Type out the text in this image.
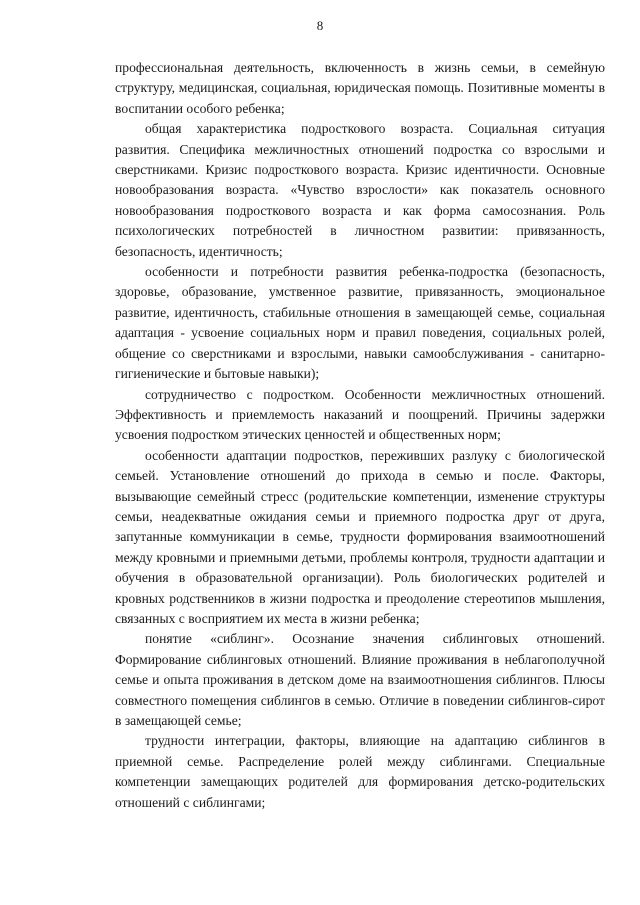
8

профессиональная деятельность, включенность в жизнь семьи, в семейную структуру, медицинская, социальная, юридическая помощь. Позитивные моменты в воспитании особого ребенка;

общая характеристика подросткового возраста. Социальная ситуация развития. Специфика межличностных отношений подростка со взрослыми и сверстниками. Кризис подросткового возраста. Кризис идентичности. Основные новообразования возраста. «Чувство взрослости» как показатель основного новообразования подросткового возраста и как форма самосознания. Роль психологических потребностей в личностном развитии: привязанность, безопасность, идентичность;

особенности и потребности развития ребенка-подростка (безопасность, здоровье, образование, умственное развитие, привязанность, эмоциональное развитие, идентичность, стабильные отношения в замещающей семье, социальная адаптация - усвоение социальных норм и правил поведения, социальных ролей, общение со сверстниками и взрослыми, навыки самообслуживания - санитарно-гигиенические и бытовые навыки);

сотрудничество с подростком. Особенности межличностных отношений. Эффективность и приемлемость наказаний и поощрений. Причины задержки усвоения подростком этических ценностей и общественных норм;

особенности адаптации подростков, переживших разлуку с биологической семьей. Установление отношений до прихода в семью и после. Факторы, вызывающие семейный стресс (родительские компетенции, изменение структуры семьи, неадекватные ожидания семьи и приемного подростка друг от друга, запутанные коммуникации в семье, трудности формирования взаимоотношений между кровными и приемными детьми, проблемы контроля, трудности адаптации и обучения в образовательной организации). Роль биологических родителей и кровных родственников в жизни подростка и преодоление стереотипов мышления, связанных с восприятием их места в жизни ребенка;

понятие «сиблинг». Осознание значения сиблинговых отношений. Формирование сиблинговых отношений. Влияние проживания в неблагополучной семье и опыта проживания в детском доме на взаимоотношения сиблингов. Плюсы совместного помещения сиблингов в семью. Отличие в поведении сиблингов-сирот в замещающей семье;

трудности интеграции, факторы, влияющие на адаптацию сиблингов в приемной семье. Распределение ролей между сиблингами. Специальные компетенции замещающих родителей для формирования детско-родительских отношений с сиблингами;
